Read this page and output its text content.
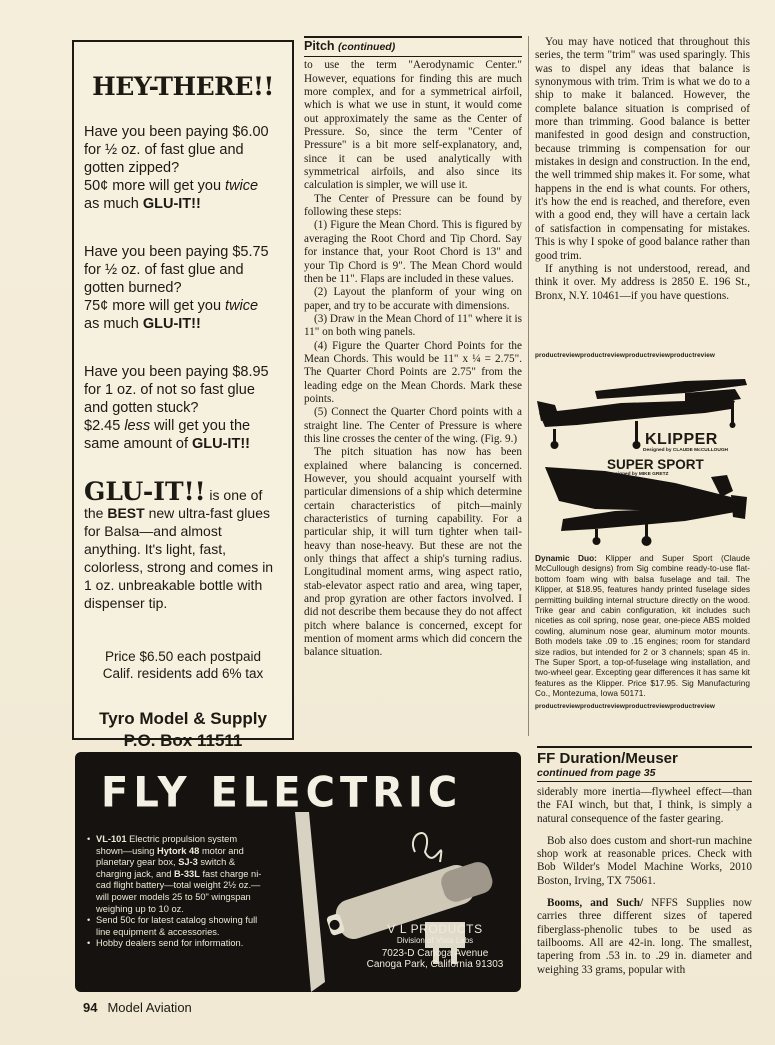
HEY-THERE!!
Have you been paying $6.00 for ½ oz. of fast glue and gotten zipped?
50¢ more will get you twice
as much GLU-IT!!
Have you been paying $5.75 for ½ oz. of fast glue and gotten burned?
75¢ more will get you twice
as much GLU-IT!!
Have you been paying $8.95 for 1 oz. of not so fast glue and gotten stuck?
$2.45 less will get you the same amount of GLU-IT!!
GLU-IT!! is one of the BEST new ultra-fast glues for Balsa—and almost anything. It's light, fast, colorless, strong and comes in 1 oz. unbreakable bottle with dispenser tip.
Price $6.50 each postpaid
Calif. residents add 6% tax
Tyro Model & Supply
P.O. Box 11511
Pitch (continued)

to use the term "Aerodynamic Center." However, equations for finding this are much more complex, and for a symmetrical airfoil, which is what we use in stunt, it would come out approximately the same as the Center of Pressure. So, since the term "Center of Pressure" is a bit more self-explanatory, and, since it can be used analytically with symmetrical airfoils, and also since its calculation is simpler, we will use it.

The Center of Pressure can be found by following these steps:

(1) Figure the Mean Chord. This is figured by averaging the Root Chord and Tip Chord. Say for instance that, your Root Chord is 13" and your Tip Chord is 9". The Mean Chord would then be 11". Flaps are included in these values.

(2) Layout the planform of your wing on paper, and try to be accurate with dimensions.

(3) Draw in the Mean Chord of 11" where it is 11" on both wing panels.

(4) Figure the Quarter Chord Points for the Mean Chords. This would be 11" x ¼ = 2.75". The Quarter Chord Points are 2.75" from the leading edge on the Mean Chords. Mark these points.

(5) Connect the Quarter Chord points with a straight line. The Center of Pressure is where this line crosses the center of the wing. (Fig. 9.)

The pitch situation has now has been explained where balancing is concerned. However, you should acquaint yourself with particular dimensions of a ship which determine certain characteristics of pitch—mainly characteristics of turning capability. For a particular ship, it will turn tighter when tail-heavy than nose-heavy. But these are not the only things that affect a ship's turning radius. Longitudinal moment arms, wing aspect ratio, stab-elevator aspect ratio and area, wing taper, and prop gyration are other factors involved. I did not describe them because they do not affect pitch where balance is concerned, except for mention of moment arms which did concern the balance situation.

You may have noticed that throughout this series, the term "trim" was used sparingly. This was to dispel any ideas that balance is synonymous with trim. Trim is what we do to a ship to make it balanced. However, the complete balance situation is comprised of more than trimming. Good balance is better manifested in good design and construction, because trimming is compensation for our mistakes in design and construction. In the end, the well trimmed ship makes it. For some, what happens in the end is what counts. For others, it's how the end is reached, and therefore, even with a good end, they will have a certain lack of satisfaction in compensating for mistakes. This is why I spoke of good balance rather than good trim.

If anything is not understood, reread, and think it over. My address is 2850 E. 196 St., Bronx, N.Y. 10461—if you have questions.

productreviewproductreviewproductreviewproductreview
KLIPPER
Designed by CLAUDE McCULLOUGH
SUPER SPORT
Designed by MIKE GRETZ
Dynamic Duo: Klipper and Super Sport (Claude McCullough designs) from Sig combine ready-to-use flat-bottom foam wing with balsa fuselage and tail. The Klipper, at $18.95, features handy printed fuselage sides permitting building internal structure directly on the wood. Trike gear and cabin configuration, kit includes such niceties as coil spring, nose gear, one-piece ABS molded cowling, aluminum nose gear, aluminum motor mounts. Both models take .09 to .15 engines; room for standard size radios, but intended for 2 or 3 channels; span 45 in. The Super Sport, a top-of-fuselage wing installation, and two-wheel gear. Excepting gear differences it has same kit features as the Klipper. Price $17.95. Sig Manufacturing Co., Montezuma, Iowa 50171.
productreviewproductreviewproductreviewproductreview
FLY ELECTRIC
• VL-101 Electric propulsion system shown—using Hytork 48 motor and planetary gear box, SJ-3 switch & charging jack, and B-33L fast charge ni-cad flight battery—total weight 2½ oz.—will power models 25 to 50" wingspan weighing up to 10 oz.
• Send 50c for latest catalog showing full line equipment & accessories.
• Hobby dealers send for information.
V L PRODUCTS
Division of Vista Labs
7023-D Canoga Avenue
Canoga Park, California 91303
FF Duration/Meuser
continued from page 35

siderably more inertia—flywheel effect—than the FAI winch, but that, I think, is simply a natural consequence of the faster gearing.

Bob also does custom and short-run machine shop work at reasonable prices. Check with Bob Wilder's Model Machine Works, 2010 Boston, Irving, TX 75061.

Booms, and Such/ NFFS Supplies now carries three different sizes of tapered fiberglass-phenolic tubes to be used as tailbooms. All are 42-in. long. The smallest, tapering from .53 in. to .29 in. diameter and weighing 33 grams, popular with

94 Model Aviation
